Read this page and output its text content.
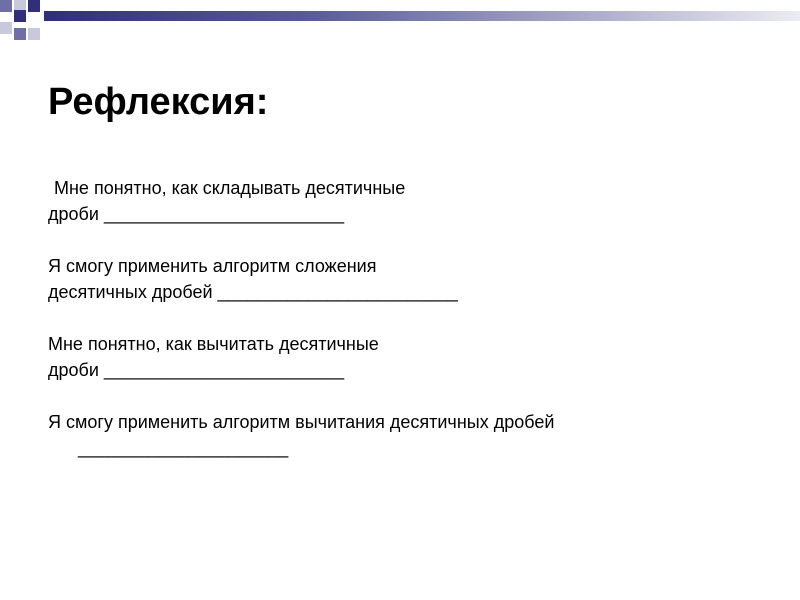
Рефлексия:
Мне понятно, как складывать десятичные
дроби ________________________
Я смогу применить алгоритм сложения
десятичных дробей ________________________
Мне понятно, как вычитать десятичные
дроби ________________________
Я смогу применить алгоритм вычитания десятичных дробей
_____________________
